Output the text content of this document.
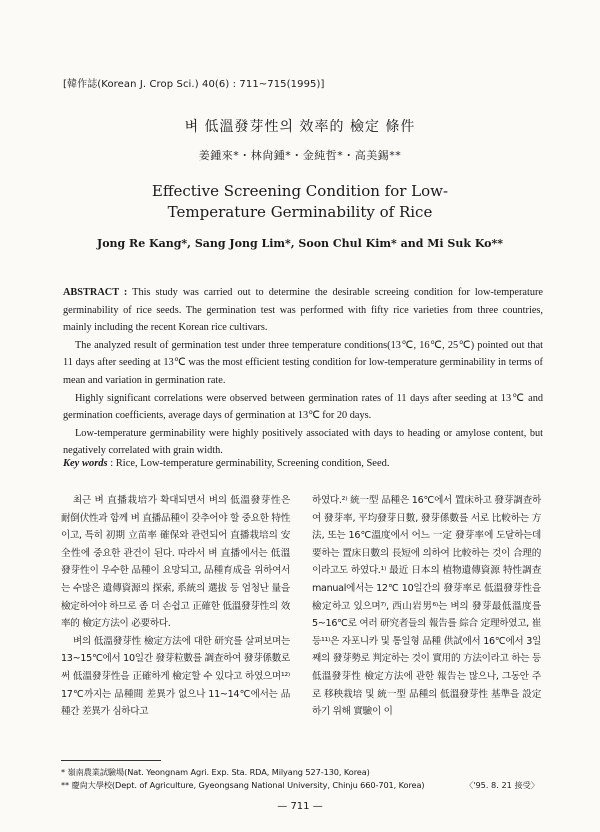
[韓作誌(Korean J. Crop Sci.) 40(6) : 711~715(1995)]
벼 低溫發芽性의 效率的 檢定 條件
姜鍾來*・林尙鍾*・金純哲*・高美錫**
Effective Screening Condition for Low-
Temperature Germinability of Rice
Jong Re Kang*, Sang Jong Lim*, Soon Chul Kim* and Mi Suk Ko**

ABSTRACT : This study was carried out to determine the desirable screeing condition for low-temperature germinability of rice seeds. The germination test was performed with fifty rice varieties from three countries, mainly including the recent Korean rice cultivars.

The analyzed result of germination test under three temperature conditions(13℃, 16℃, 25℃) pointed out that 11 days after seeding at 13℃ was the most efficient testing condition for low-temperature germinability in terms of mean and variation in germination rate.

Highly significant correlations were observed between germination rates of 11 days after seeding at 13℃ and germination coefficients, average days of germination at 13℃ for 20 days.

Low-temperature germinability were highly positively associated with days to heading or amylose content, but negatively correlated with grain width.

Key words : Rice, Low-temperature germinability, Screening condition, Seed.

최근 벼 直播栽培가 확대되면서 벼의 低溫發芽性은 耐倒伏性과 함께 벼 直播品種이 갖추어야 할 중요한 特性이고, 특히 初期 立苗率 確保와 관련되어 直播栽培의 安全性에 중요한 관건이 된다. 따라서 벼 直播에서는 低溫發芽性이 우수한 品種이 요망되고, 品種育成을 위하여서는 수많은 遺傳資源의 探索, 系統의 選拔 등 엄청난 量을 檢定하여야 하므로 좀 더 손쉽고 正確한 低溫發芽性의 效率的 檢定方法이 必要하다.

벼의 低溫發芽性 檢定方法에 대한 研究를 살펴보며는 13~15℃에서 10일간 發芽粒數를 調查하여 發芽係數로써 低溫發芽性을 正確하게 檢定할 수 있다고 하였으며¹²⁾ 17℃까지는 品種間 差異가 없으나 11~14℃에서는 品種간 差異가 심하다고

하였다.²⁾ 統一型 品種은 16℃에서 置床하고 發芽調查하여 發芽率, 平均發芽日數, 發芽係數를 서로 比較하는 方法, 또는 16℃溫度에서 어느 一定 發芽率에 도달하는데 要하는 置床日數의 長短에 의하여 比較하는 것이 合理的이라고도 하였다.¹⁾ 最近 日本의 植物遺傳資源 特性調查 manual에서는 12℃ 10일간의 發芽率로 低溫發芽性을 檢定하고 있으며⁷⁾, 西山岩男⁶⁾는 벼의 發芽最低溫度를 5~16℃로 여러 研究者들의 報告를 綜合 定理하였고, 崔 등¹¹⁾은 자포니카 및 통일형 品種 供試에서 16℃에서 3일째의 發芽勢로 判定하는 것이 實用的 方法이라고 하는 등 低溫發芽性 檢定方法에 관한 報告는 많으나, 그동안 주로 移秧栽培 및 統一型 品種의 低溫發芽性 基準을 設定하기 위해 實驗이 이

* 嶺南農業試驗場(Nat. Yeongnam Agri. Exp. Sta. RDA, Milyang 527-130, Korea)
** 慶尙大學校(Dept. of Agriculture, Gyeongsang National University, Chinju 660-701, Korea)	〈'95. 8. 21 接受〉
— 711 —
